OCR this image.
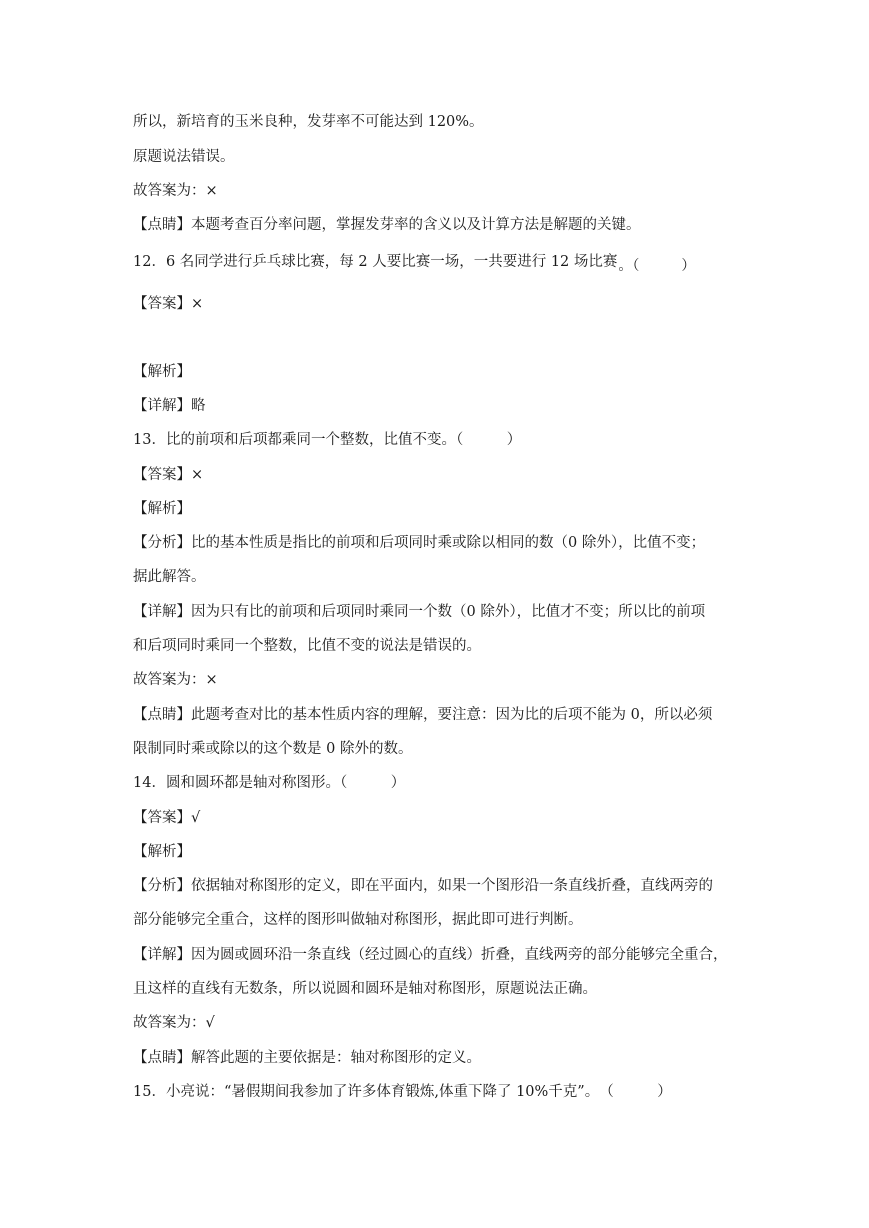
所以，新培育的玉米良种，发芽率不可能达到 120%。
原题说法错误。
故答案为：×
【点睛】本题考查百分率问题，掌握发芽率的含义以及计算方法是解题的关键。
12．6 名同学进行乒乓球比赛，每 2 人要比赛一场，一共要进行 12 场比赛。（　　　）
【答案】×
【解析】
【详解】略
13．比的前项和后项都乘同一个整数，比值不变。（　　　）
【答案】×
【解析】
【分析】比的基本性质是指比的前项和后项同时乘或除以相同的数（0 除外），比值不变；
据此解答。
【详解】因为只有比的前项和后项同时乘同一个数（0 除外），比值才不变；所以比的前项
和后项同时乘同一个整数，比值不变的说法是错误的。
故答案为：×
【点睛】此题考查对比的基本性质内容的理解，要注意：因为比的后项不能为 0，所以必须
限制同时乘或除以的这个数是 0 除外的数。
14．圆和圆环都是轴对称图形。（　　　）
【答案】√
【解析】
【分析】依据轴对称图形的定义，即在平面内，如果一个图形沿一条直线折叠，直线两旁的
部分能够完全重合，这样的图形叫做轴对称图形，据此即可进行判断。
【详解】因为圆或圆环沿一条直线（经过圆心的直线）折叠，直线两旁的部分能够完全重合，
且这样的直线有无数条，所以说圆和圆环是轴对称图形，原题说法正确。
故答案为：√
【点睛】解答此题的主要依据是：轴对称图形的定义。
15．小亮说：“暑假期间我参加了许多体育锻炼,体重下降了 10%千克”。　（　　　）
